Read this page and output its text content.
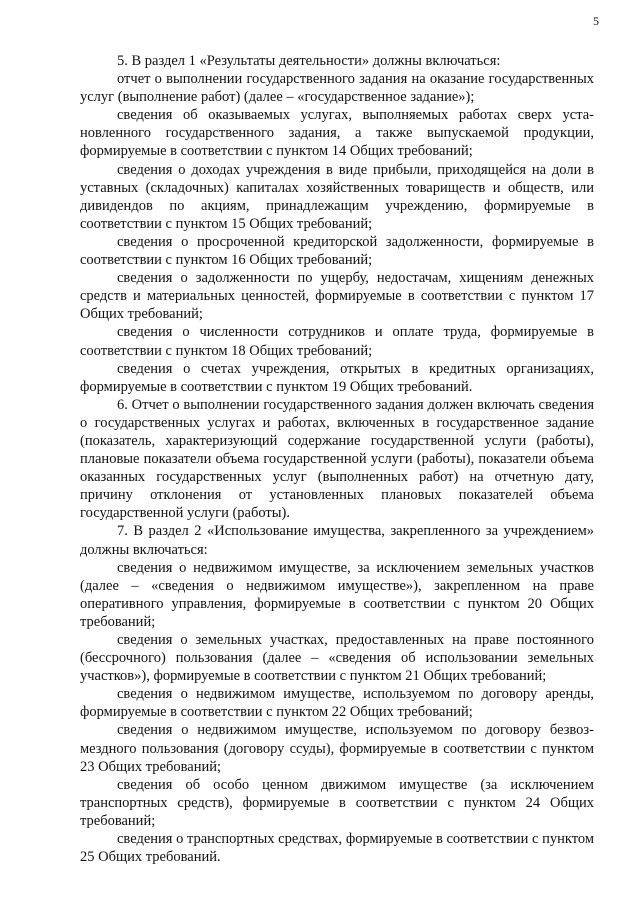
5

5. В раздел 1 «Результаты деятельности» должны включаться:

отчет о выполнении государственного задания на оказание государственных услуг (выполнение работ) (далее – «государственное задание»);

сведения об оказываемых услугах, выполняемых работах сверх установленного государственного задания, а также выпускаемой продукции, формируемые в соответствии с пунктом 14 Общих требований;

сведения о доходах учреждения в виде прибыли, приходящейся на доли в уставных (складочных) капиталах хозяйственных товариществ и обществ, или дивидендов по акциям, принадлежащим учреждению, формируемые в соответствии с пунктом 15 Общих требований;

сведения о просроченной кредиторской задолженности, формируемые в соответствии с пунктом 16 Общих требований;

сведения о задолженности по ущербу, недостачам, хищениям денежных средств и материальных ценностей, формируемые в соответствии с пунктом 17 Общих требований;

сведения о численности сотрудников и оплате труда, формируемые в соответствии с пунктом 18 Общих требований;

сведения о счетах учреждения, открытых в кредитных организациях, формируемые в соответствии с пунктом 19 Общих требований.

6. Отчет о выполнении государственного задания должен включать сведения о государственных услугах и работах, включенных в государственное задание (показатель, характеризующий содержание государственной услуги (работы), плановые показатели объема государственной услуги (работы), показатели объема оказанных государственных услуг (выполненных работ) на отчетную дату, причину отклонения от установленных плановых показателей объема государственной услуги (работы).

7. В раздел 2 «Использование имущества, закрепленного за учреждением» должны включаться:

сведения о недвижимом имуществе, за исключением земельных участков (далее – «сведения о недвижимом имуществе»), закрепленном на праве оперативного управления, формируемые в соответствии с пунктом 20 Общих требований;

сведения о земельных участках, предоставленных на праве постоянного (бессрочного) пользования (далее – «сведения об использовании земельных участков»), формируемые в соответствии с пунктом 21 Общих требований;

сведения о недвижимом имуществе, используемом по договору аренды, формируемые в соответствии с пунктом 22 Общих требований;

сведения о недвижимом имуществе, используемом по договору безвозмездного пользования (договору ссуды), формируемые в соответствии с пунктом 23 Общих требований;

сведения об особо ценном движимом имуществе (за исключением транспортных средств), формируемые в соответствии с пунктом 24 Общих требований;

сведения о транспортных средствах, формируемые в соответствии с пунктом 25 Общих требований.
